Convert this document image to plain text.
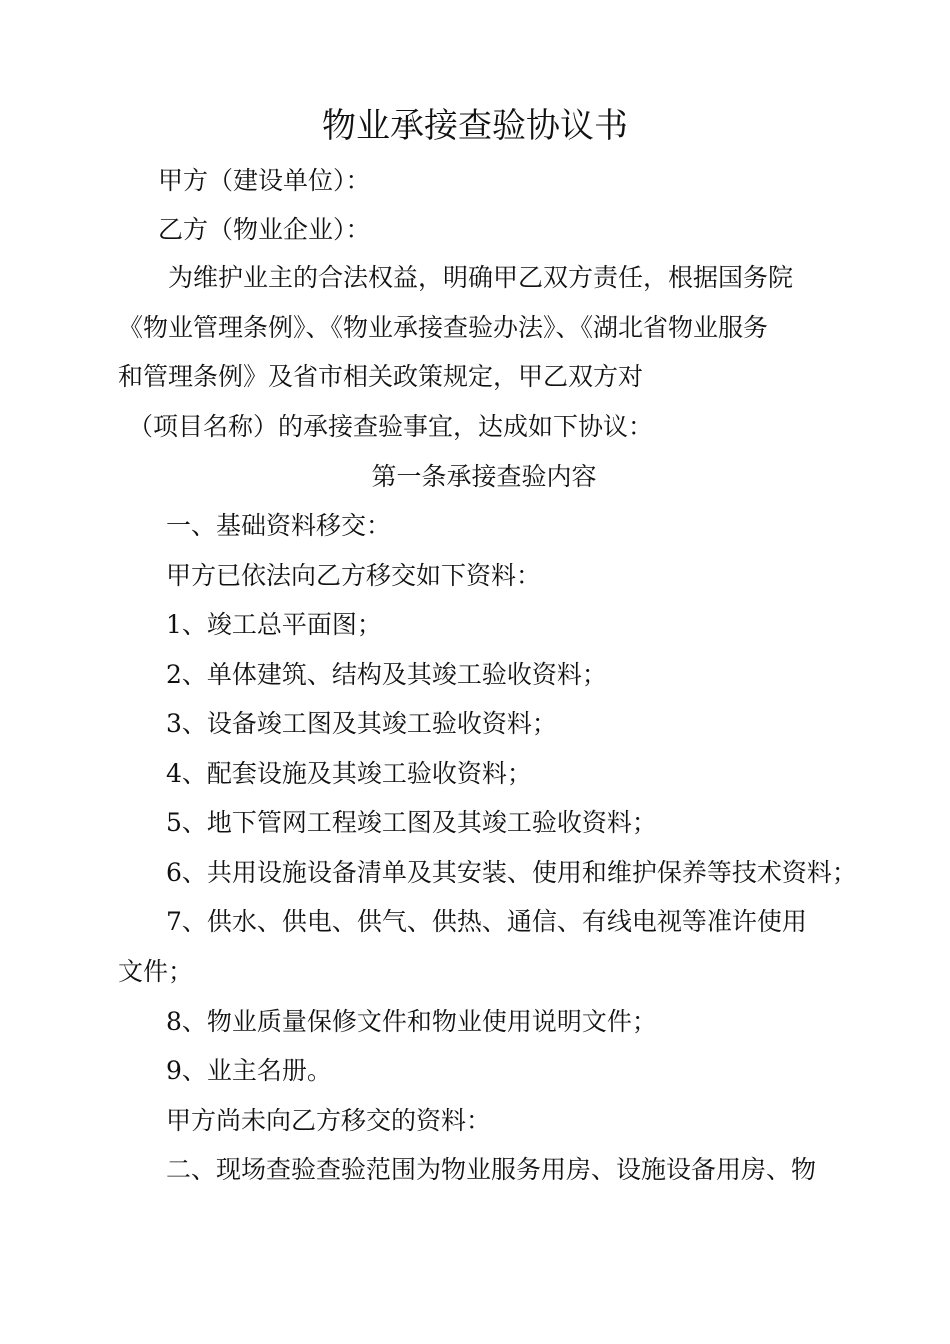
物业承接查验协议书
甲方（建设单位）：
乙方（物业企业）：
为维护业主的合法权益，明确甲乙双方责任，根据国务院
《物业管理条例》、《物业承接查验办法》、《湖北省物业服务
和管理条例》及省市相关政策规定，甲乙双方对
（项目名称）的承接查验事宜，达成如下协议：
第一条承接查验内容
一、基础资料移交：
甲方已依法向乙方移交如下资料：
1、竣工总平面图；
2、单体建筑、结构及其竣工验收资料；
3、设备竣工图及其竣工验收资料；
4、配套设施及其竣工验收资料；
5、地下管网工程竣工图及其竣工验收资料；
6、共用设施设备清单及其安装、使用和维护保养等技术资料；
7、供水、供电、供气、供热、通信、有线电视等准许使用
文件；
8、物业质量保修文件和物业使用说明文件；
9、业主名册。
甲方尚未向乙方移交的资料：
二、现场查验查验范围为物业服务用房、设施设备用房、物
